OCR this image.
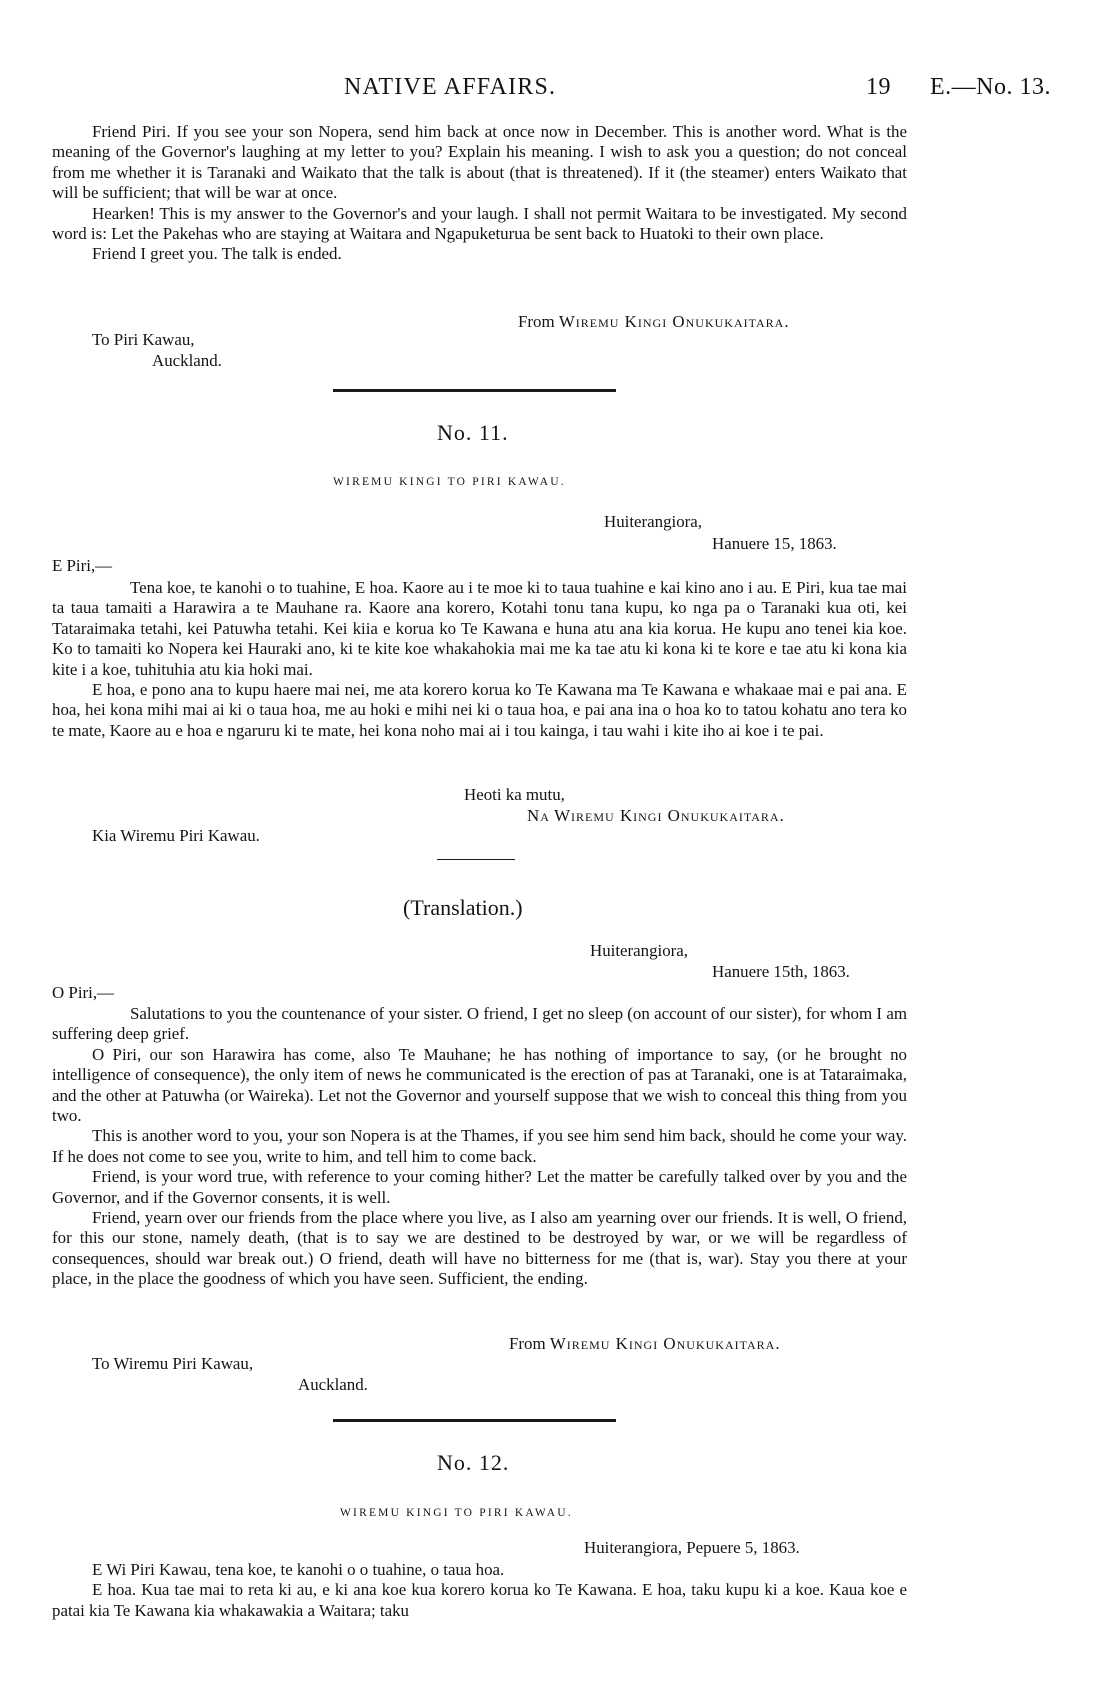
NATIVE AFFAIRS.	19	E.—No. 13.

Friend Piri. If you see your son Nopera, send him back at once now in December. This is another word. What is the meaning of the Governor's laughing at my letter to you? Explain his meaning. I wish to ask you a question; do not conceal from me whether it is Taranaki and Waikato that the talk is about (that is threatened). If it (the steamer) enters Waikato that will be sufficient; that will be war at once.

Hearken! This is my answer to the Governor's and your laugh. I shall not permit Waitara to be investigated. My second word is: Let the Pakehas who are staying at Waitara and Ngapuketurua be sent back to Huatoki to their own place.

Friend I greet you. The talk is ended.

From Wiremu Kingi Onukukaitara.
To Piri Kawau,
Auckland.
No. 11.
WIREMU KINGI TO PIRI KAWAU.
Huiterangiora,
Hanuere 15, 1863.
E Piri,—

Tena koe, te kanohi o to tuahine, E hoa. Kaore au i te moe ki to taua tuahine e kai kino ano i au. E Piri, kua tae mai ta taua tamaiti a Harawira a te Mauhane ra. Kaore ana korero, Kotahi tonu tana kupu, ko nga pa o Taranaki kua oti, kei Tataraimaka tetahi, kei Patuwha tetahi. Kei kiia e korua ko Te Kawana e huna atu ana kia korua. He kupu ano tenei kia koe. Ko to tamaiti ko Nopera kei Hauraki ano, ki te kite koe whakahokia mai me ka tae atu ki kona ki te kore e tae atu ki kona kia kite i a koe, tuhituhia atu kia hoki mai.

E hoa, e pono ana to kupu haere mai nei, me ata korero korua ko Te Kawana ma Te Kawana e whakaae mai e pai ana. E hoa, hei kona mihi mai ai ki o taua hoa, me au hoki e mihi nei ki o taua hoa, e pai ana ina o hoa ko to tatou kohatu ano tera ko te mate, Kaore au e hoa e ngaruru ki te mate, hei kona noho mai ai i tou kainga, i tau wahi i kite iho ai koe i te pai.

Heoti ka mutu,
Na Wiremu Kingi Onukukaitara.
Kia Wiremu Piri Kawau.
(Translation.)
Huiterangiora,
Hanuere 15th, 1863.
O Piri,—

Salutations to you the countenance of your sister. O friend, I get no sleep (on account of our sister), for whom I am suffering deep grief.

O Piri, our son Harawira has come, also Te Mauhane; he has nothing of importance to say, (or he brought no intelligence of consequence), the only item of news he communicated is the erection of pas at Taranaki, one is at Tataraimaka, and the other at Patuwha (or Waireka). Let not the Governor and yourself suppose that we wish to conceal this thing from you two.

This is another word to you, your son Nopera is at the Thames, if you see him send him back, should he come your way. If he does not come to see you, write to him, and tell him to come back.

Friend, is your word true, with reference to your coming hither? Let the matter be carefully talked over by you and the Governor, and if the Governor consents, it is well.

Friend, yearn over our friends from the place where you live, as I also am yearning over our friends. It is well, O friend, for this our stone, namely death, (that is to say we are destined to be destroyed by war, or we will be regardless of consequences, should war break out.) O friend, death will have no bitterness for me (that is, war). Stay you there at your place, in the place the goodness of which you have seen. Sufficient, the ending.

From Wiremu Kingi Onukukaitara.
To Wiremu Piri Kawau,
Auckland.
No. 12.
WIREMU KINGI TO PIRI KAWAU.
Huiterangiora, Pepuere 5, 1863.

E Wi Piri Kawau, tena koe, te kanohi o o tuahine, o taua hoa.

E hoa. Kua tae mai to reta ki au, e ki ana koe kua korero korua ko Te Kawana. E hoa, taku kupu ki a koe. Kaua koe e patai kia Te Kawana kia whakawakia a Waitara; taku
